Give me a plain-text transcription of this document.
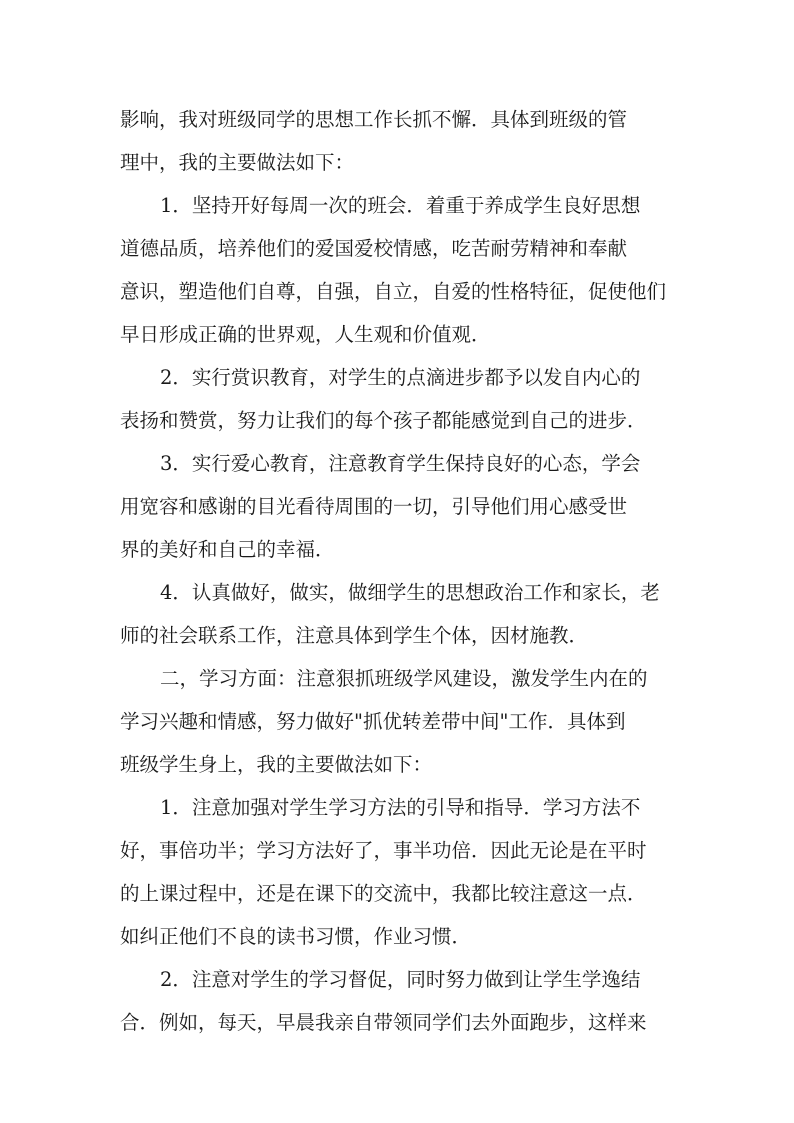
影响，我对班级同学的思想工作长抓不懈．具体到班级的管
理中，我的主要做法如下：
1．坚持开好每周一次的班会．着重于养成学生良好思想
道德品质，培养他们的爱国爱校情感，吃苦耐劳精神和奉献
意识，塑造他们自尊，自强，自立，自爱的性格特征，促使他们
早日形成正确的世界观，人生观和价值观．
2．实行赏识教育，对学生的点滴进步都予以发自内心的
表扬和赞赏，努力让我们的每个孩子都能感觉到自己的进步．
3．实行爱心教育，注意教育学生保持良好的心态，学会
用宽容和感谢的目光看待周围的一切，引导他们用心感受世
界的美好和自己的幸福．
4．认真做好，做实，做细学生的思想政治工作和家长，老
师的社会联系工作，注意具体到学生个体，因材施教．
二，学习方面：注意狠抓班级学风建设，激发学生内在的
学习兴趣和情感，努力做好"抓优转差带中间"工作．具体到
班级学生身上，我的主要做法如下：
1．注意加强对学生学习方法的引导和指导．学习方法不
好，事倍功半；学习方法好了，事半功倍．因此无论是在平时
的上课过程中，还是在课下的交流中，我都比较注意这一点．
如纠正他们不良的读书习惯，作业习惯．
2．注意对学生的学习督促，同时努力做到让学生学逸结
合．例如，每天，早晨我亲自带领同学们去外面跑步，这样来
